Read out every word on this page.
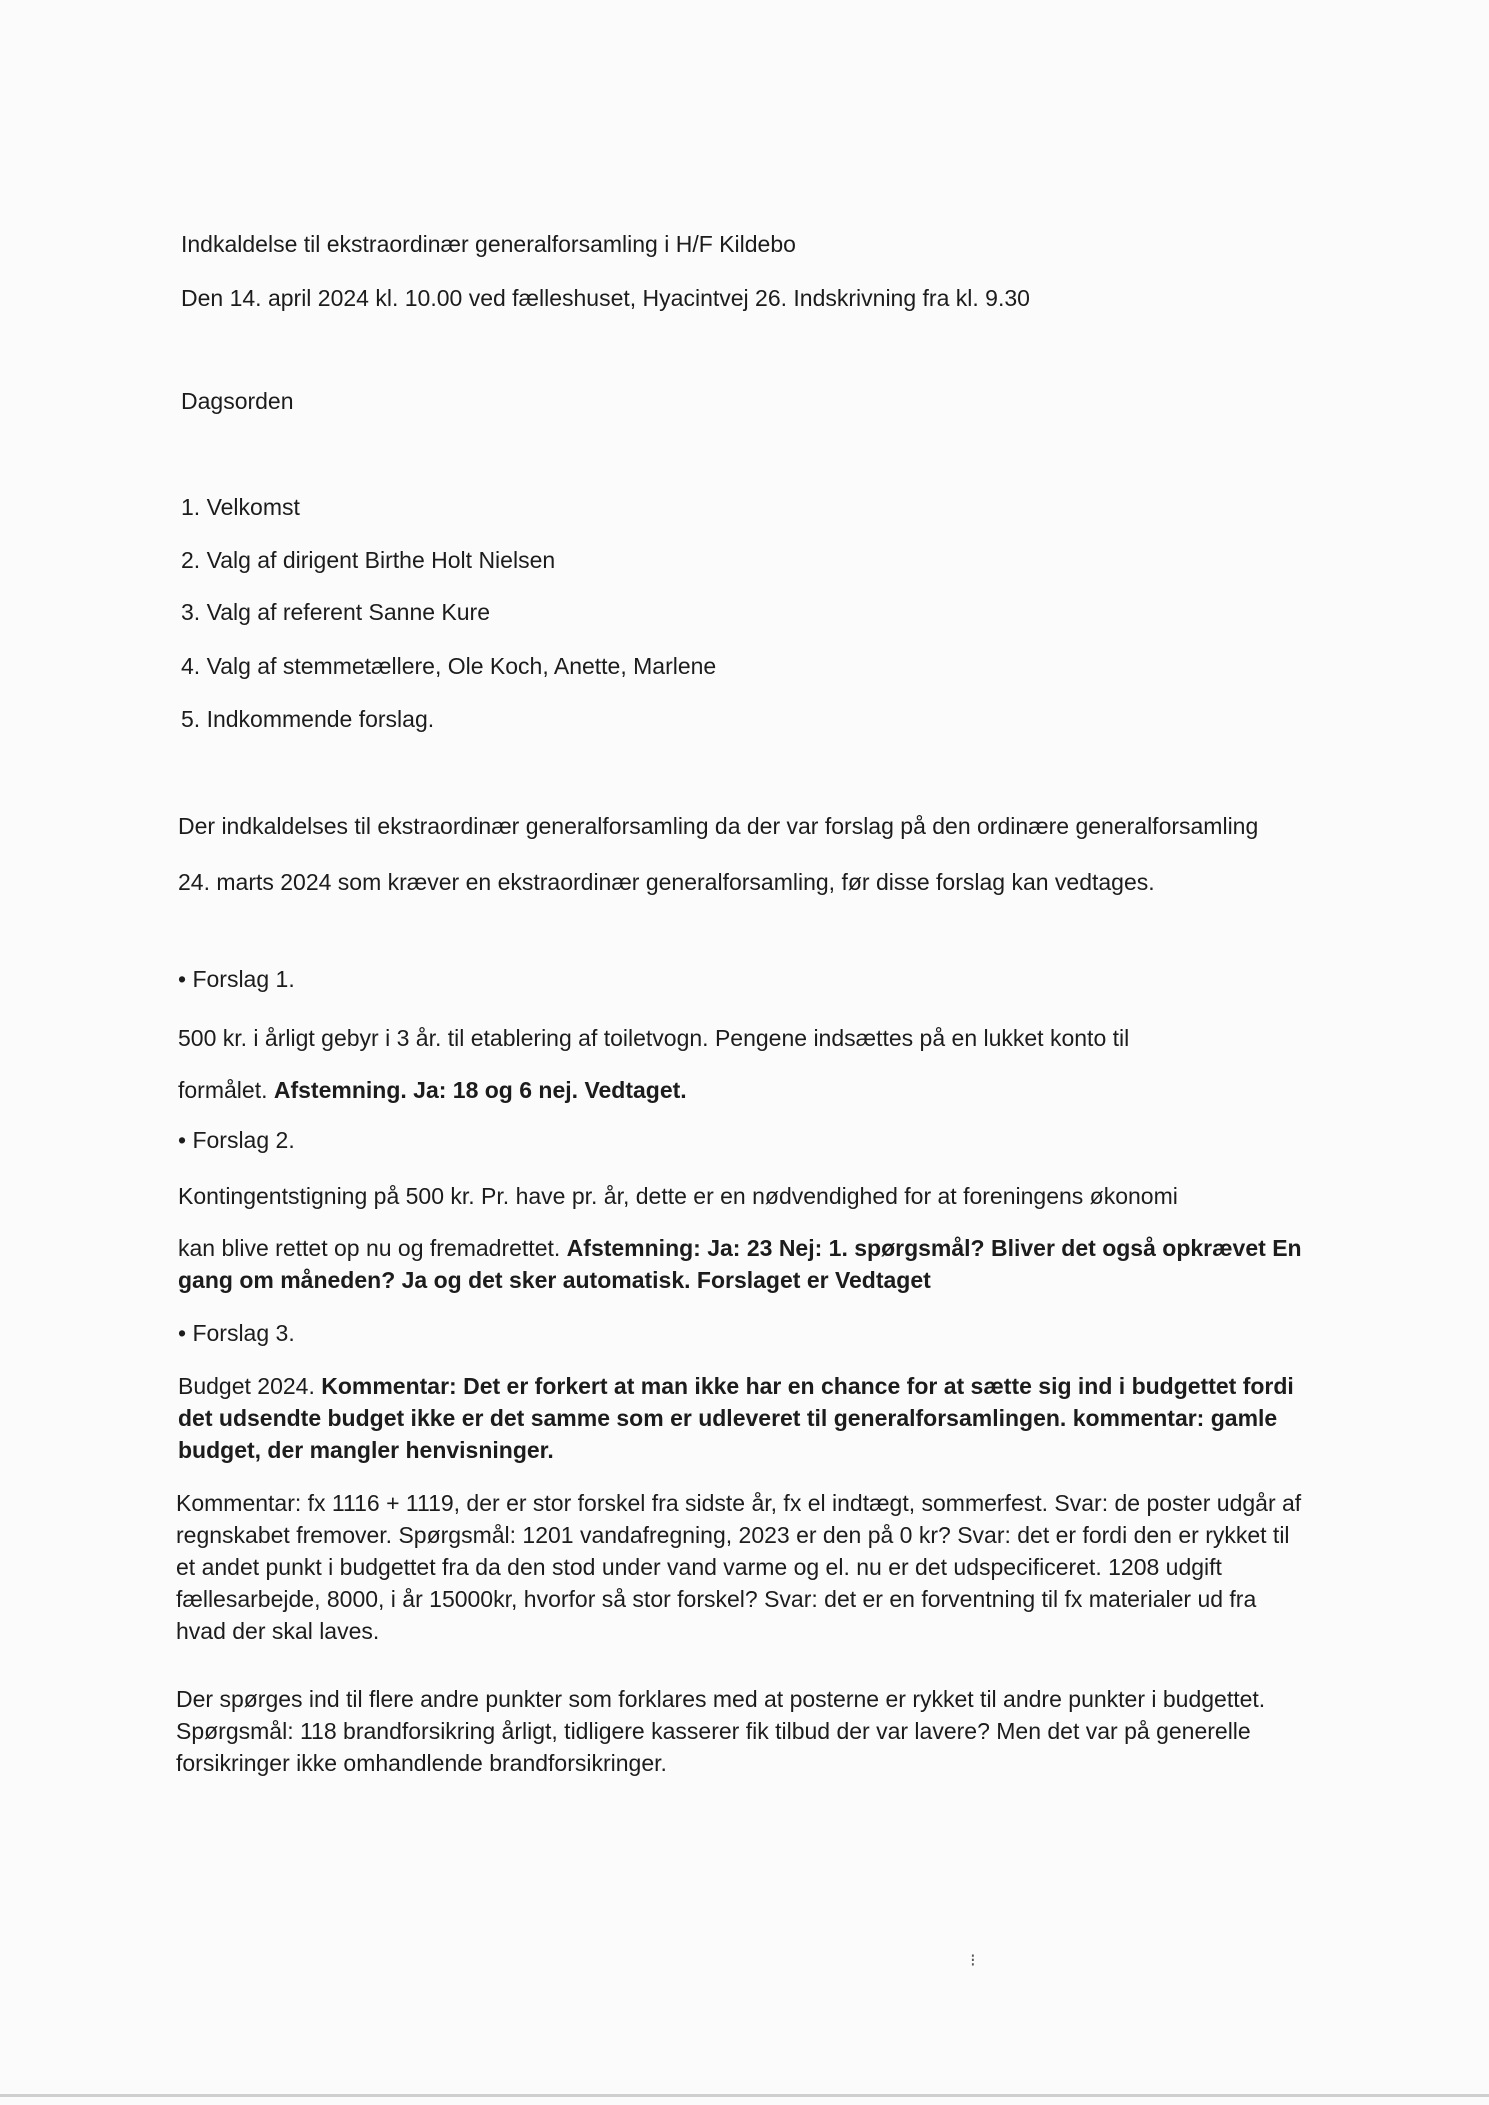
Indkaldelse til ekstraordinær generalforsamling i H/F Kildebo
Den 14. april 2024 kl. 10.00 ved fælleshuset, Hyacintvej 26. Indskrivning fra kl. 9.30
Dagsorden
1. Velkomst
2. Valg af dirigent Birthe Holt Nielsen
3. Valg af referent Sanne Kure
4. Valg af stemmetællere, Ole Koch, Anette, Marlene
5. Indkommende forslag.
Der indkaldelses til ekstraordinær generalforsamling da der var forslag på den ordinære generalforsamling
24. marts 2024 som kræver en ekstraordinær generalforsamling, før disse forslag kan vedtages.
• Forslag 1.
500 kr. i årligt gebyr i 3 år. til etablering af toiletvogn. Pengene indsættes på en lukket konto til
formålet. Afstemning. Ja: 18 og 6 nej. Vedtaget.
• Forslag 2.
Kontingentstigning på 500 kr. Pr. have pr. år, dette er en nødvendighed for at foreningens økonomi
kan blive rettet op nu og fremadrettet. Afstemning: Ja: 23 Nej: 1. spørgsmål? Bliver det også opkrævet En gang om måneden? Ja og det sker automatisk. Forslaget er Vedtaget
• Forslag 3.
Budget 2024. Kommentar: Det er forkert at man ikke har en chance for at sætte sig ind i budgettet fordi det udsendte budget ikke er det samme som er udleveret til generalforsamlingen. kommentar: gamle budget, der mangler henvisninger.
Kommentar: fx 1116 + 1119, der er stor forskel fra sidste år, fx el indtægt, sommerfest. Svar: de poster udgår af regnskabet fremover. Spørgsmål: 1201 vandafregning, 2023 er den på 0 kr? Svar: det er fordi den er rykket til et andet punkt i budgettet fra da den stod under vand varme og el. nu er det udspecificeret. 1208 udgift fællesarbejde, 8000, i år 15000kr, hvorfor så stor forskel? Svar: det er en forventning til fx materialer ud fra hvad der skal laves.
Der spørges ind til flere andre punkter som forklares med at posterne er rykket til andre punkter i budgettet. Spørgsmål: 118 brandforsikring årligt, tidligere kasserer fik tilbud der var lavere? Men det var på generelle forsikringer ikke omhandlende brandforsikringer.
⁝
